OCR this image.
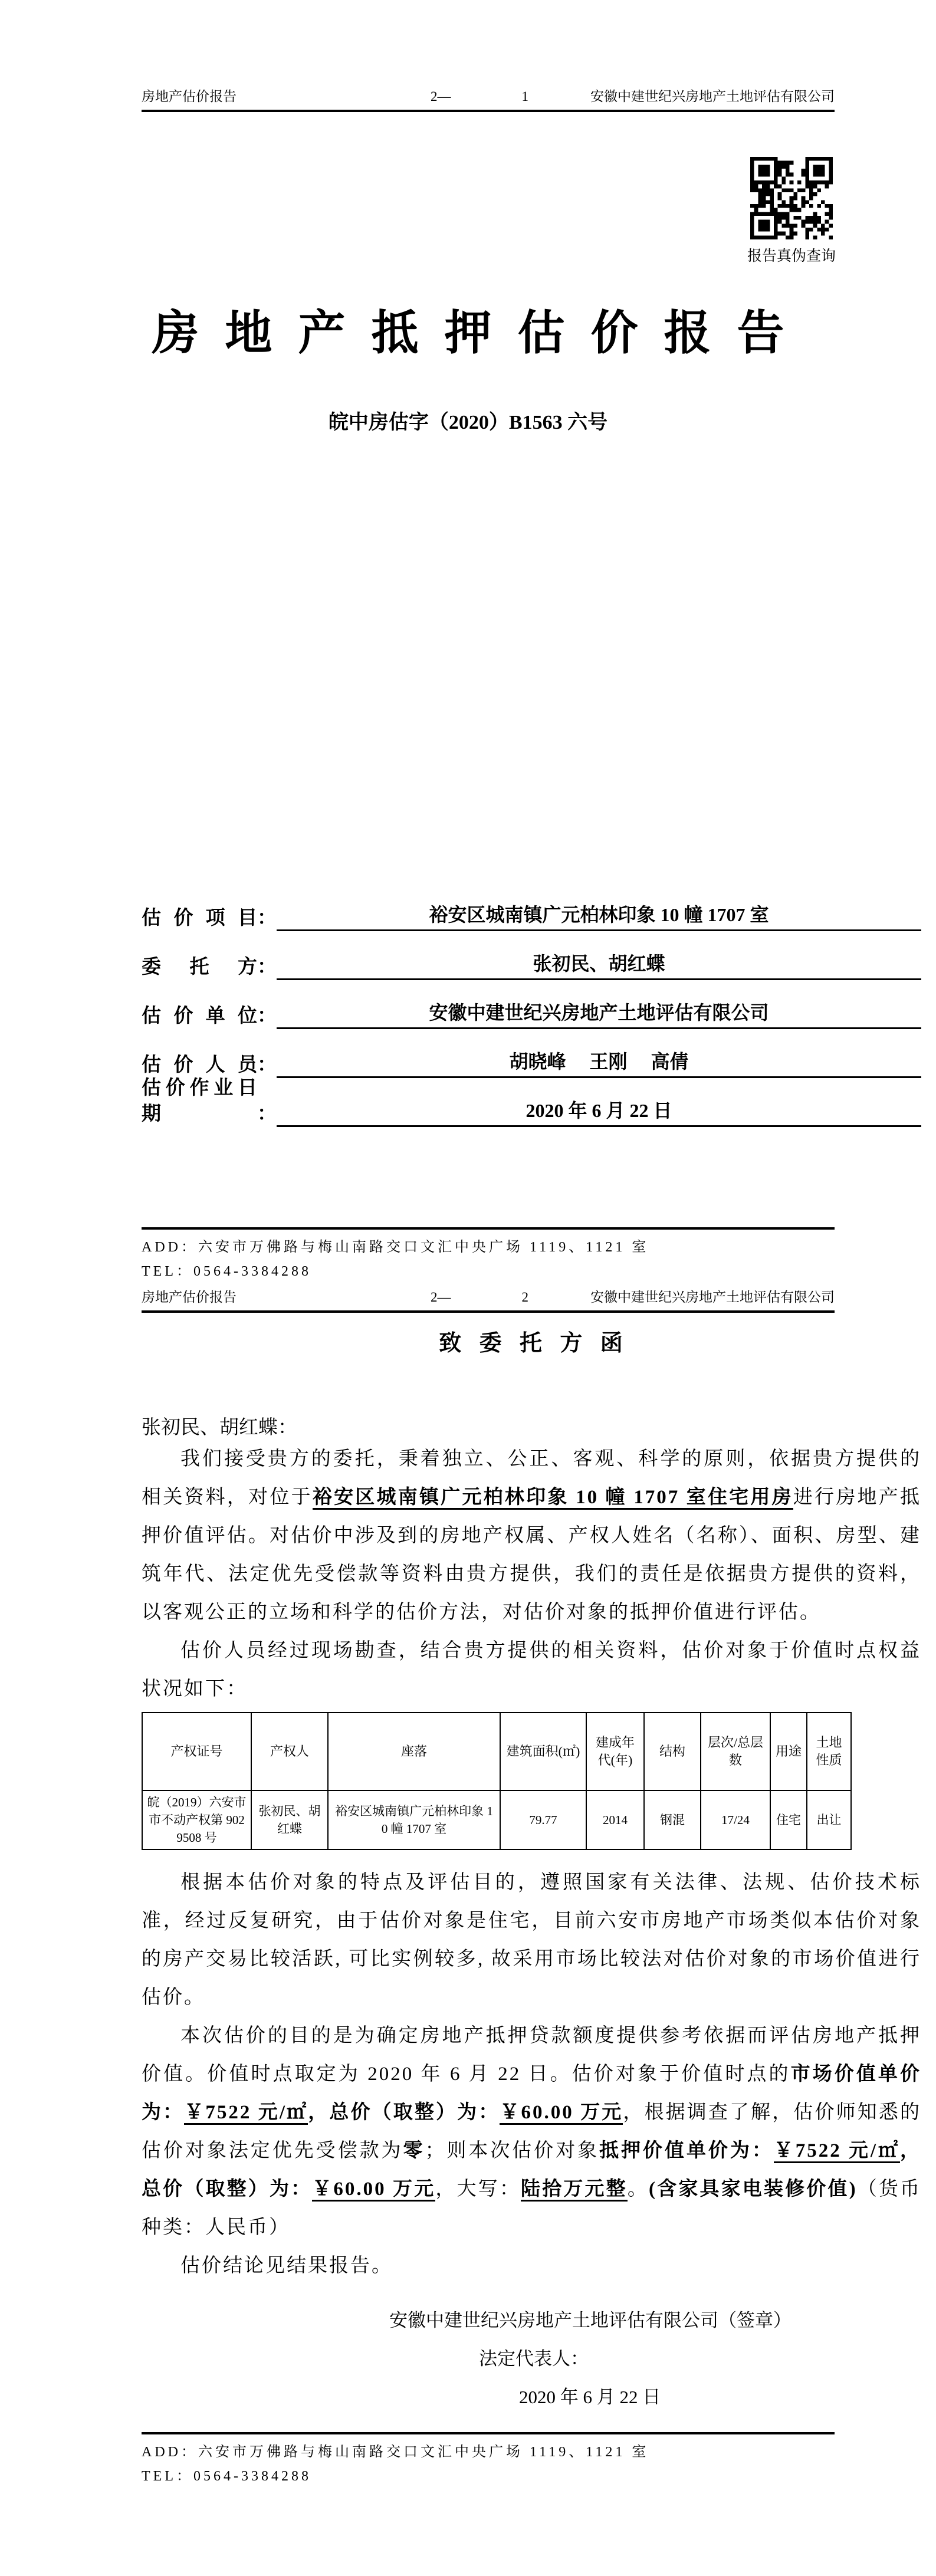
房地产估价报告	2—	1	安徽中建世纪兴房地产土地评估有限公司
报告真伪查询
房地产抵押估价报告
皖中房估字（2020）B1563 六号
估价项目 ：	裕安区城南镇广元柏林印象 10 幢 1707 室
委托方 ：	张初民、胡红蝶
估价单位 ：	安徽中建世纪兴房地产土地评估有限公司
估价人员 ：	胡晓峰　 王刚　 高倩
估价作业日期	：	2020 年 6 月 22 日
ADD：六安市万佛路与梅山南路交口文汇中央广场 1119、1121 室
TEL：0564-3384288
房地产估价报告	2—	2	安徽中建世纪兴房地产土地评估有限公司
致委托方函
张初民、胡红蝶：

我们接受贵方的委托，秉着独立、公正、客观、科学的原则，依据贵方提供的相关资料，对位于裕安区城南镇广元柏林印象 10 幢 1707 室住宅用房进行房地产抵押价值评估。对估价中涉及到的房地产权属、产权人姓名（名称）、面积、房型、建筑年代、法定优先受偿款等资料由贵方提供，我们的责任是依据贵方提供的资料，以客观公正的立场和科学的估价方法，对估价对象的抵押价值进行评估。

估价人员经过现场勘查，结合贵方提供的相关资料，估价对象于价值时点权益状况如下：

产权证号	产权人	座落	建筑面积(㎡)	建成年代(年)	结构	层次/总层数	用途	土地性质
皖（2019）六安市市不动产权第 9029508 号	张初民、胡红蝶	裕安区城南镇广元柏林印象 10 幢 1707 室	79.77	2014	钢混	17/24	住宅	出让

根据本估价对象的特点及评估目的，遵照国家有关法律、法规、估价技术标准，经过反复研究，由于估价对象是住宅，目前六安市房地产市场类似本估价对象的房产交易比较活跃, 可比实例较多, 故采用市场比较法对估价对象的市场价值进行估价。

本次估价的目的是为确定房地产抵押贷款额度提供参考依据而评估房地产抵押价值。价值时点取定为 2020 年 6 月 22 日。估价对象于价值时点的市场价值单价为：￥7522 元/㎡，总价（取整）为：￥60.00 万元，根据调查了解，估价师知悉的估价对象法定优先受偿款为零；则本次估价对象抵押价值单价为：￥7522 元/㎡，总价（取整）为：￥60.00 万元，大写：陆拾万元整。(含家具家电装修价值)（货币种类：人民币）

估价结论见结果报告。

安徽中建世纪兴房地产土地评估有限公司（签章）
法定代表人：
2020 年 6 月 22 日
ADD：六安市万佛路与梅山南路交口文汇中央广场 1119、1121 室
TEL：0564-3384288
